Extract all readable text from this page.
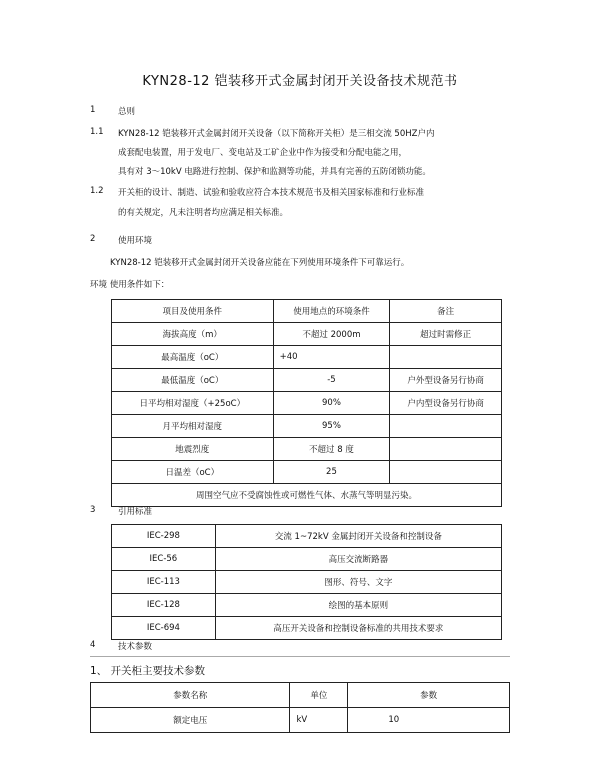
KYN28-12 铠装移开式金属封闭开关设备技术规范书
1	总则
1.1 KYN28-12 铠装移开式金属封闭开关设备（以下简称开关柜）是三相交流 50HZ户内
成套配电装置，用于发电厂、变电站及工矿企业中作为接受和分配电能之用，
具有对 3～10kV 电路进行控制、保护和监测等功能，并具有完善的五防闭锁功能。
1.2 开关柜的设计、制造、试验和验收应符合本技术规范书及相关国家标准和行业标准
的有关规定，凡未注明者均应满足相关标准。
2	使用环境
KYN28-12 铠装移开式金属封闭开关设备应能在下列使用环境条件下可靠运行。
环境 使用条件如下：
项目及使用条件	使用地点的环境条件	备注
海拔高度（m）	不超过 2000m	超过时需修正
最高温度（oC）	+40	
最低温度（oC）	-5	户外型设备另行协商
日平均相对湿度（+25oC）	90%	户内型设备另行协商
月平均相对湿度	95%	
地震烈度	不超过 8 度	
日温差（oC）	25	
周围空气应不受腐蚀性或可燃性气体、水蒸气等明显污染。		
3	引用标准
IEC-298	交流 1~72kV 金属封闭开关设备和控制设备
IEC-56	高压交流断路器
IEC-113	图形、符号、文字
IEC-128	绘图的基本原则
IEC-694	高压开关设备和控制设备标准的共用技术要求
4	技术参数
1、 开关柜主要技术参数
参数名称	单位	参数
额定电压	kV	10
